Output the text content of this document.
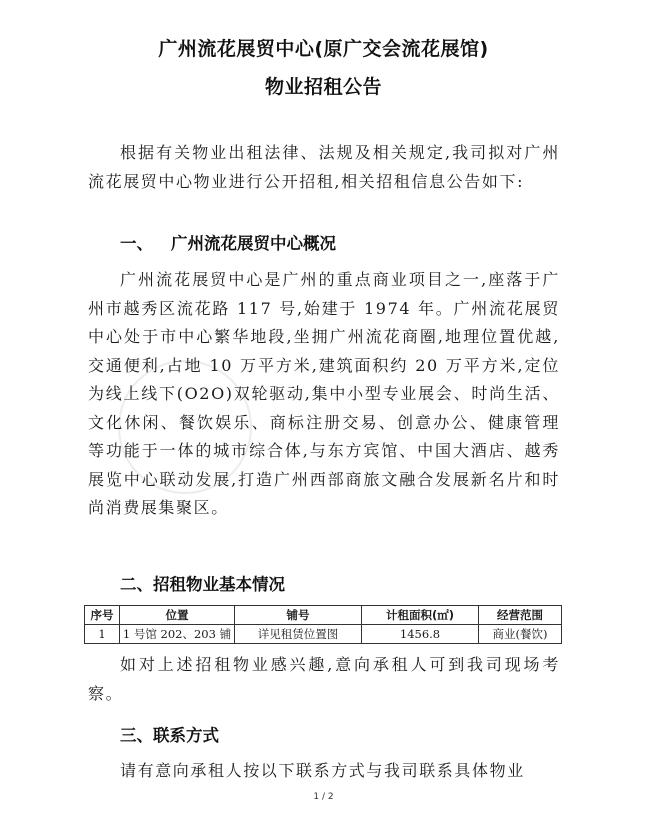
广州流花展贸中心(原广交会流花展馆)
物业招租公告

根据有关物业出租法律、法规及相关规定,我司拟对广州流花展贸中心物业进行公开招租,相关招租信息公告如下:

一、 广州流花展贸中心概况

广州流花展贸中心是广州的重点商业项目之一,座落于广州市越秀区流花路 117 号,始建于 1974 年。广州流花展贸中心处于市中心繁华地段,坐拥广州流花商圈,地理位置优越,交通便利,占地 10 万平方米,建筑面积约 20 万平方米,定位为线上线下(O2O)双轮驱动,集中小型专业展会、时尚生活、文化休闲、餐饮娱乐、商标注册交易、创意办公、健康管理等功能于一体的城市综合体,与东方宾馆、中国大酒店、越秀展览中心联动发展,打造广州西部商旅文融合发展新名片和时尚消费展集聚区。

二、招租物业基本情况
序号	位置	铺号	计租面积(㎡)	经营范围
1	1 号馆 202、203 铺	详见租赁位置图	1456.8	商业(餐饮)

如对上述招租物业感兴趣,意向承租人可到我司现场考察。

三、联系方式

请有意向承租人按以下联系方式与我司联系具体物业

1 / 2
